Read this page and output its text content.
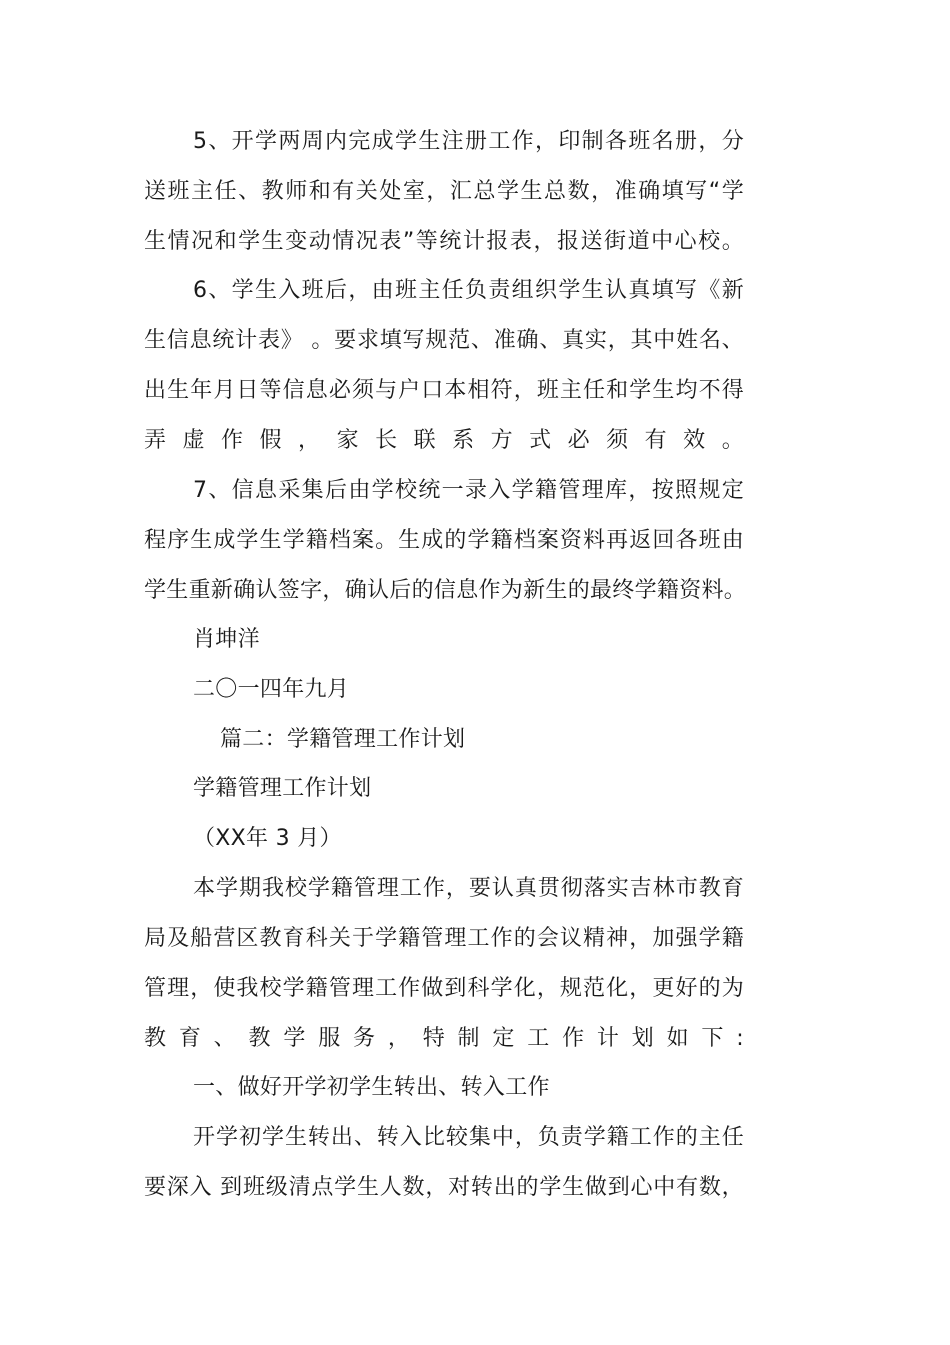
5、开学两周内完成学生注册工作，印制各班名册，分
送班主任、教师和有关处室，汇总学生总数，准确填写“学
生情况和学生变动情况表”等统计报表，报送街道中心校。
6、学生入班后，由班主任负责组织学生认真填写《新
生信息统计表》 。要求填写规范、准确、真实，其中姓名、
出生年月日等信息必须与户口本相符，班主任和学生均不得
弄虚作假，家长联系方式必须有效。
7、信息采集后由学校统一录入学籍管理库，按照规定
程序生成学生学籍档案。生成的学籍档案资料再返回各班由
学生重新确认签字，确认后的信息作为新生的最终学籍资料。
肖坤洋
二〇一四年九月
篇二：学籍管理工作计划
学籍管理工作计划
（XX年 3 月）
本学期我校学籍管理工作，要认真贯彻落实吉林市教育
局及船营区教育科关于学籍管理工作的会议精神，加强学籍
管理，使我校学籍管理工作做到科学化，规范化，更好的为
教育、教学服务，特制定工作计划如下:
一、做好开学初学生转出、转入工作
开学初学生转出、转入比较集中，负责学籍工作的主任
要深入 到班级清点学生人数，对转出的学生做到心中有数，
